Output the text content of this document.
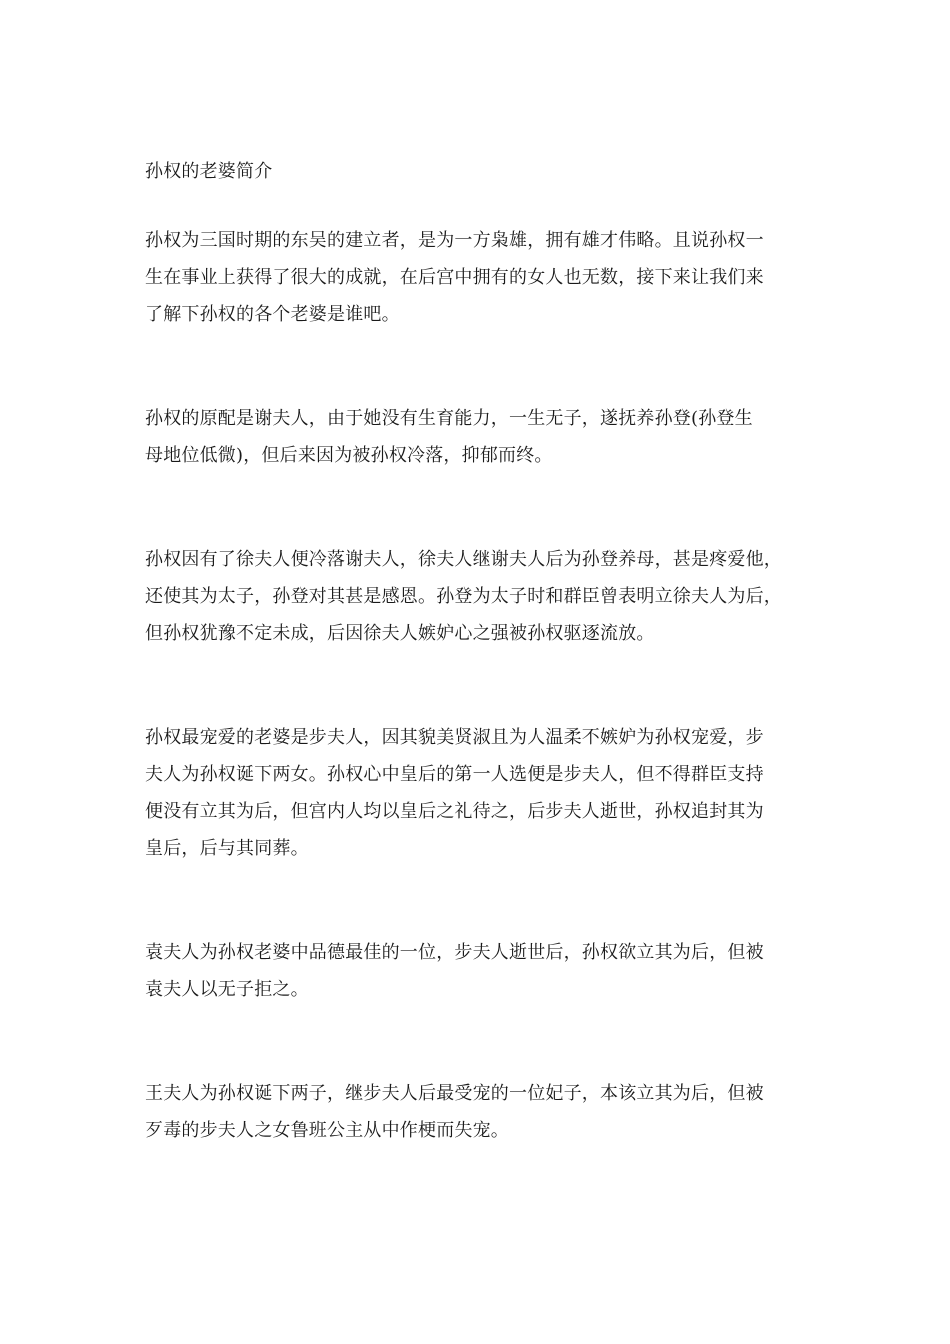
孙权的老婆简介
孙权为三国时期的东吴的建立者，是为一方枭雄，拥有雄才伟略。且说孙权一
生在事业上获得了很大的成就，在后宫中拥有的女人也无数，接下来让我们来
了解下孙权的各个老婆是谁吧。
孙权的原配是谢夫人，由于她没有生育能力，一生无子，遂抚养孙登(孙登生
母地位低微)，但后来因为被孙权冷落，抑郁而终。
孙权因有了徐夫人便冷落谢夫人，徐夫人继谢夫人后为孙登养母，甚是疼爱他，
还使其为太子，孙登对其甚是感恩。孙登为太子时和群臣曾表明立徐夫人为后，
但孙权犹豫不定未成，后因徐夫人嫉妒心之强被孙权驱逐流放。
孙权最宠爱的老婆是步夫人，因其貌美贤淑且为人温柔不嫉妒为孙权宠爱，步
夫人为孙权诞下两女。孙权心中皇后的第一人选便是步夫人，但不得群臣支持
便没有立其为后，但宫内人均以皇后之礼待之，后步夫人逝世，孙权追封其为
皇后，后与其同葬。
袁夫人为孙权老婆中品德最佳的一位，步夫人逝世后，孙权欲立其为后，但被
袁夫人以无子拒之。
王夫人为孙权诞下两子，继步夫人后最受宠的一位妃子，本该立其为后，但被
歹毒的步夫人之女鲁班公主从中作梗而失宠。
